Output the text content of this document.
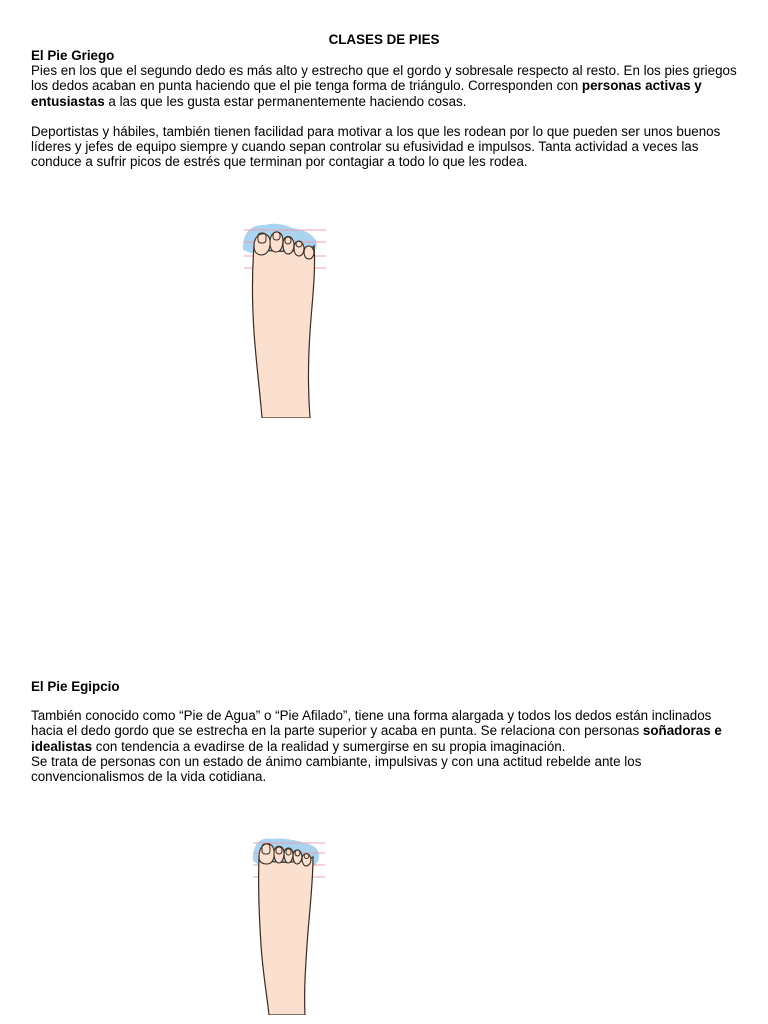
CLASES DE PIES
El Pie Griego

Pies en los que el segundo dedo es más alto y estrecho que el gordo y sobresale respecto al resto. En los pies griegos los dedos acaban en punta haciendo que el pie tenga forma de triángulo. Corresponden con personas activas y entusiastas a las que les gusta estar permanentemente haciendo cosas.

Deportistas y hábiles, también tienen facilidad para motivar a los que les rodean por lo que pueden ser unos buenos líderes y jefes de equipo siempre y cuando sepan controlar su efusividad e impulsos. Tanta actividad a veces las conduce a sufrir picos de estrés que terminan por contagiar a todo lo que les rodea.

El Pie Egipcio

También conocido como “Pie de Agua” o “Pie Afilado”, tiene una forma alargada y todos los dedos están inclinados hacia el dedo gordo que se estrecha en la parte superior y acaba en punta. Se relaciona con personas soñadoras e idealistas con tendencia a evadirse de la realidad y sumergirse en su propia imaginación.

Se trata de personas con un estado de ánimo cambiante, impulsivas y con una actitud rebelde ante los convencionalismos de la vida cotidiana.
